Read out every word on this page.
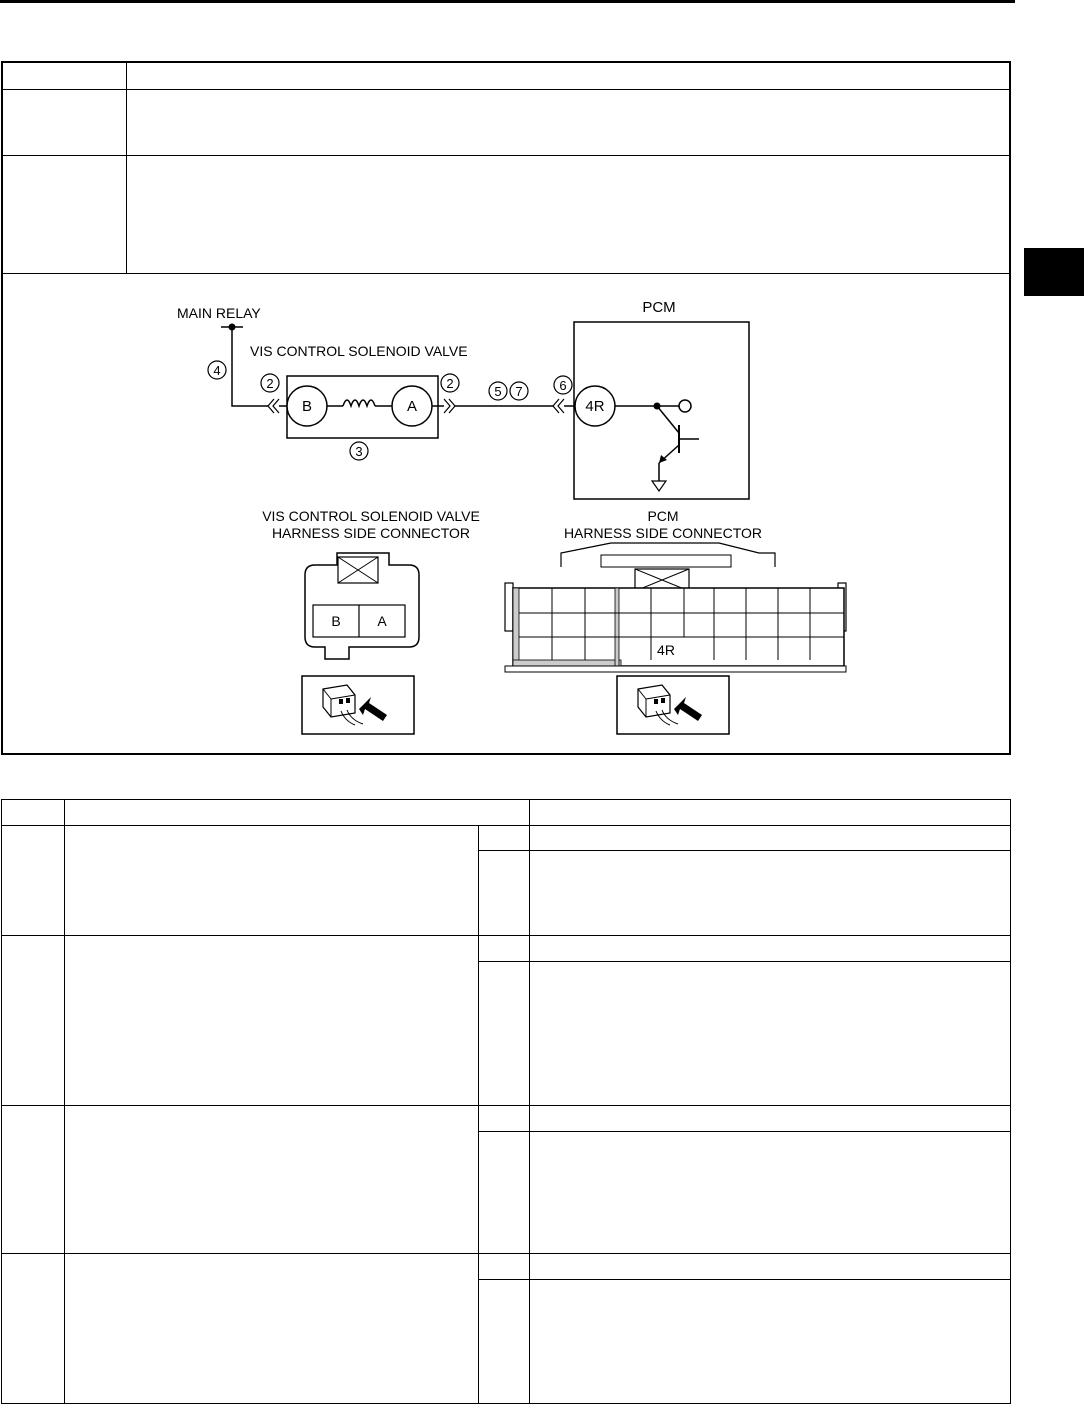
MAIN RELAY
4
VIS CONTROL SOLENOID VALVE
2
B	A
3
2
5 7	6
PCM
4R
VIS CONTROL SOLENOID VALVE
HARNESS SIDE CONNECTOR
B	A
PCM
HARNESS SIDE CONNECTOR
4R
